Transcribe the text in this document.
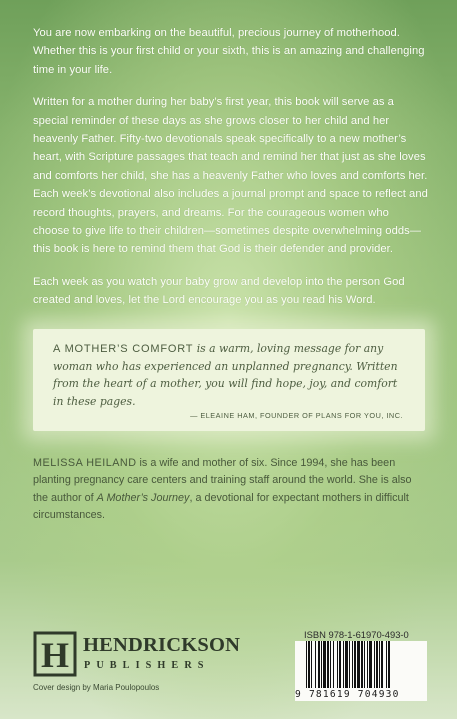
You are now embarking on the beautiful, precious journey of motherhood. Whether this is your first child or your sixth, this is an amazing and challenging time in your life.

Written for a mother during her baby’s first year, this book will serve as a special reminder of these days as she grows closer to her child and her heavenly Father. Fifty-two devotionals speak specifically to a new mother’s heart, with Scripture passages that teach and remind her that just as she loves and comforts her child, she has a heavenly Father who loves and comforts her. Each week’s devotional also includes a journal prompt and space to reflect and record thoughts, prayers, and dreams. For the courageous women who choose to give life to their children—sometimes despite overwhelming odds—this book is here to remind them that God is their defender and provider.

Each week as you watch your baby grow and develop into the person God created and loves, let the Lord encourage you as you read his Word.

A MOTHER’S COMFORT is a warm, loving message for any woman who has experienced an unplanned pregnancy. Written from the heart of a mother, you will find hope, joy, and comfort in these pages.

— ELEAINE HAM, FOUNDER OF PLANS FOR YOU, INC.

MELISSA HEILAND is a wife and mother of six. Since 1994, she has been planting pregnancy care centers and training staff around the world. She is also the author of A Mother’s Journey, a devotional for expectant mothers in difficult circumstances.

H HENDRICKSON
PUBLISHERS
Cover design by Maria Poulopoulos
ISBN 978-1-61970-493-0
9 781619 704930
